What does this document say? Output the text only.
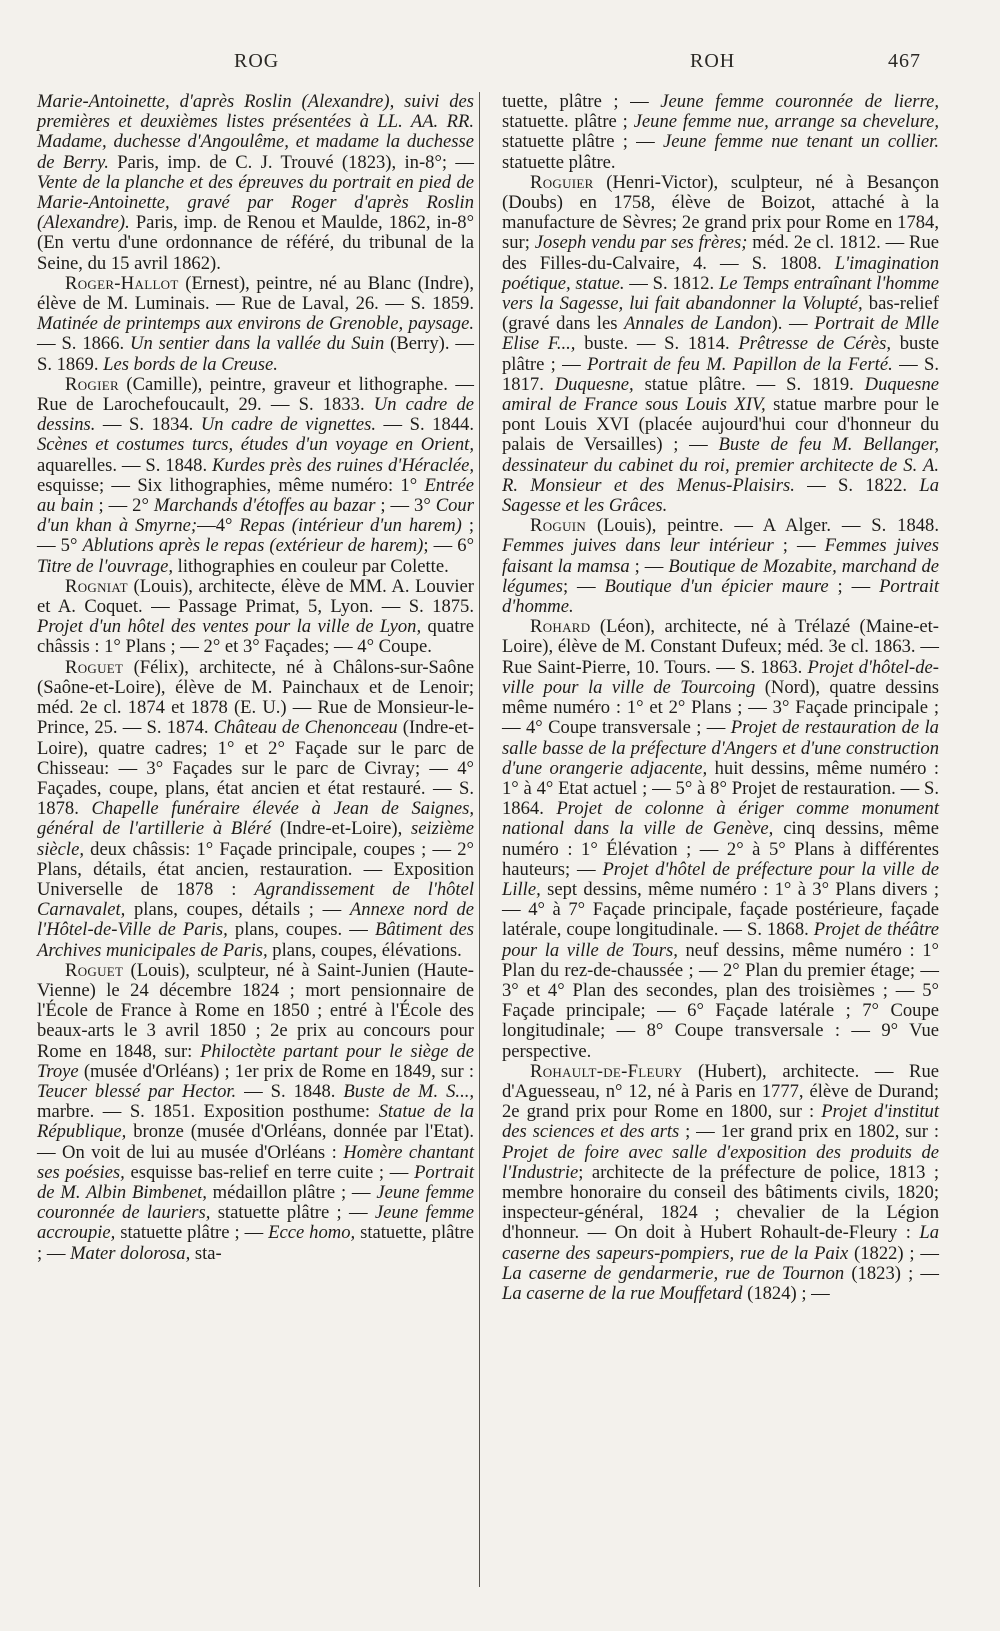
ROG	ROH	467

Marie-Antoinette, d'après Roslin (Alexandre), suivi des premières et deuxièmes listes présentées à LL. AA. RR. Madame, duchesse d'Angoulême, et madame la duchesse de Berry. Paris, imp. de C. J. Trouvé (1823), in-8°; — Vente de la planche et des épreuves du portrait en pied de Marie-Antoinette, gravé par Roger d'après Roslin (Alexandre). Paris, imp. de Renou et Maulde, 1862, in-8° (En vertu d'une ordonnance de référé, du tribunal de la Seine, du 15 avril 1862).

Roger-Hallot (Ernest), peintre, né au Blanc (Indre), élève de M. Luminais. — Rue de Laval, 26. — S. 1859. Matinée de printemps aux environs de Grenoble, paysage. — S. 1866. Un sentier dans la vallée du Suin (Berry). — S. 1869. Les bords de la Creuse.

Rogier (Camille), peintre, graveur et lithographe. — Rue de Larochefoucault, 29. — S. 1833. Un cadre de dessins. — S. 1834. Un cadre de vignettes. — S. 1844. Scènes et costumes turcs, études d'un voyage en Orient, aquarelles. — S. 1848. Kurdes près des ruines d'Héraclée, esquisse; — Six lithographies, même numéro: 1° Entrée au bain ; — 2° Marchands d'étoffes au bazar ; — 3° Cour d'un khan à Smyrne;—4° Repas (intérieur d'un harem) ; — 5° Ablutions après le repas (extérieur de harem); — 6° Titre de l'ouvrage, lithographies en couleur par Colette.

Rogniat (Louis), architecte, élève de MM. A. Louvier et A. Coquet. — Passage Primat, 5, Lyon. — S. 1875. Projet d'un hôtel des ventes pour la ville de Lyon, quatre châssis : 1° Plans ; — 2° et 3° Façades; — 4° Coupe.

Roguet (Félix), architecte, né à Châlons-sur-Saône (Saône-et-Loire), élève de M. Painchaux et de Lenoir; méd. 2e cl. 1874 et 1878 (E. U.) — Rue de Monsieur-le-Prince, 25. — S. 1874. Château de Chenonceau (Indre-et-Loire), quatre cadres; 1° et 2° Façade sur le parc de Chisseau: — 3° Façades sur le parc de Civray; — 4° Façades, coupe, plans, état ancien et état restauré. — S. 1878. Chapelle funéraire élevée à Jean de Saignes, général de l'artillerie à Bléré (Indre-et-Loire), seizième siècle, deux châssis: 1° Façade principale, coupes ; — 2° Plans, détails, état ancien, restauration. — Exposition Universelle de 1878 : Agrandissement de l'hôtel Carnavalet, plans, coupes, détails ; — Annexe nord de l'Hôtel-de-Ville de Paris, plans, coupes. — Bâtiment des Archives municipales de Paris, plans, coupes, élévations.

Roguet (Louis), sculpteur, né à Saint-Junien (Haute-Vienne) le 24 décembre 1824 ; mort pensionnaire de l'École de France à Rome en 1850 ; entré à l'École des beaux-arts le 3 avril 1850 ; 2e prix au concours pour Rome en 1848, sur: Philoctète partant pour le siège de Troye (musée d'Orléans) ; 1er prix de Rome en 1849, sur : Teucer blessé par Hector. — S. 1848. Buste de M. S..., marbre. — S. 1851. Exposition posthume: Statue de la République, bronze (musée d'Orléans, donnée par l'Etat). — On voit de lui au musée d'Orléans : Homère chantant ses poésies, esquisse bas-relief en terre cuite ; — Portrait de M. Albin Bimbenet, médaillon plâtre ; — Jeune femme couronnée de lauriers, statuette plâtre ; — Jeune femme accroupie, statuette plâtre ; — Ecce homo, statuette, plâtre ; — Mater dolorosa, sta-

tuette, plâtre ; — Jeune femme couronnée de lierre, statuette. plâtre ; Jeune femme nue, arrange sa chevelure, statuette plâtre ; — Jeune femme nue tenant un collier. statuette plâtre.

Roguier (Henri-Victor), sculpteur, né à Besançon (Doubs) en 1758, élève de Boizot, attaché à la manufacture de Sèvres; 2e grand prix pour Rome en 1784, sur; Joseph vendu par ses frères; méd. 2e cl. 1812. — Rue des Filles-du-Calvaire, 4. — S. 1808. L'imagination poétique, statue. — S. 1812. Le Temps entraînant l'homme vers la Sagesse, lui fait abandonner la Volupté, bas-relief (gravé dans les Annales de Landon). — Portrait de Mlle Elise F..., buste. — S. 1814. Prêtresse de Cérès, buste plâtre ; — Portrait de feu M. Papillon de la Ferté. — S. 1817. Duquesne, statue plâtre. — S. 1819. Duquesne amiral de France sous Louis XIV, statue marbre pour le pont Louis XVI (placée aujourd'hui cour d'honneur du palais de Versailles) ; — Buste de feu M. Bellanger, dessinateur du cabinet du roi, premier architecte de S. A. R. Monsieur et des Menus-Plaisirs. — S. 1822. La Sagesse et les Grâces.

Roguin (Louis), peintre. — A Alger. — S. 1848. Femmes juives dans leur intérieur ; — Femmes juives faisant la mamsa ; — Boutique de Mozabite, marchand de légumes; — Boutique d'un épicier maure ; — Portrait d'homme.

Rohard (Léon), architecte, né à Trélazé (Maine-et-Loire), élève de M. Constant Dufeux; méd. 3e cl. 1863. — Rue Saint-Pierre, 10. Tours. — S. 1863. Projet d'hôtel-de-ville pour la ville de Tourcoing (Nord), quatre dessins même numéro : 1° et 2° Plans ; — 3° Façade principale ; — 4° Coupe transversale ; — Projet de restauration de la salle basse de la préfecture d'Angers et d'une construction d'une orangerie adjacente, huit dessins, même numéro : 1° à 4° Etat actuel ; — 5° à 8° Projet de restauration. — S. 1864. Projet de colonne à ériger comme monument national dans la ville de Genève, cinq dessins, même numéro : 1° Élévation ; — 2° à 5° Plans à différentes hauteurs; — Projet d'hôtel de préfecture pour la ville de Lille, sept dessins, même numéro : 1° à 3° Plans divers ; — 4° à 7° Façade principale, façade postérieure, façade latérale, coupe longitudinale. — S. 1868. Projet de théâtre pour la ville de Tours, neuf dessins, même numéro : 1° Plan du rez-de-chaussée ; — 2° Plan du premier étage; — 3° et 4° Plan des secondes, plan des troisièmes ; — 5° Façade principale; — 6° Façade latérale ; 7° Coupe longitudinale; — 8° Coupe transversale : — 9° Vue perspective.

Rohault-de-Fleury (Hubert), architecte. — Rue d'Aguesseau, n° 12, né à Paris en 1777, élève de Durand; 2e grand prix pour Rome en 1800, sur : Projet d'institut des sciences et des arts ; — 1er grand prix en 1802, sur : Projet de foire avec salle d'exposition des produits de l'Industrie; architecte de la préfecture de police, 1813 ; membre honoraire du conseil des bâtiments civils, 1820; inspecteur-général, 1824 ; chevalier de la Légion d'honneur. — On doit à Hubert Rohault-de-Fleury : La caserne des sapeurs-pompiers, rue de la Paix (1822) ; — La caserne de gendarmerie, rue de Tournon (1823) ; — La caserne de la rue Mouffetard (1824) ; —
